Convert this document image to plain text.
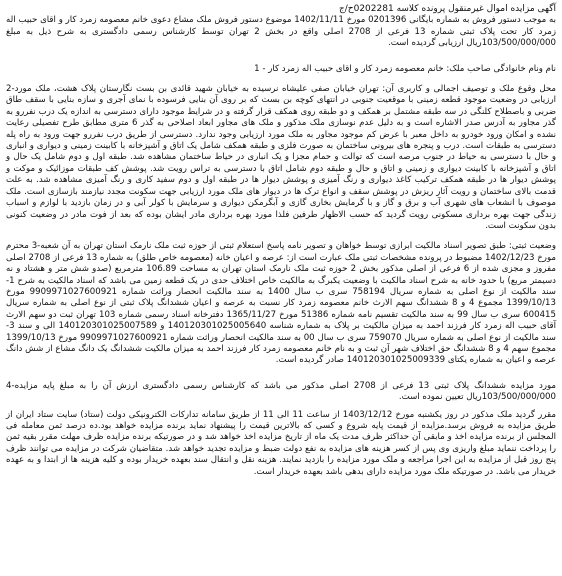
آگهی مزایده اموال غیرمنقول پرونده کلاسه 0202281ح/ج

به موجب دستور فروش به شماره بایگانی 0201396 مورخ 1402/11/11 موضوع دستور فروش ملک مشاع دعوی خانم معصومه زمرد کار و اقای حبیب اله زمرد کار تحت پلاک ثبتی شماره 13 فرعی از 2708 اصلی واقع در بخش 2 تهران توسط کارشناس رسمی دادگستری به شرح ذیل به مبلغ 103/500/000/000ریال ارزیابی گردیده است.

نام ونام خانوادگی صاحب ملک: خانم معصومه زمرد کار و اقای حبیب اله زمرد کار - 1

محل وقوع ملک و توصیف اجمالی و کاربری آن: تهران خیابان صفی علیشاه نرسیده به خیابان شهید قائدی بن بست نگارستان پلاک هشت، ملک مورد-2 ارزیابی در وضعیت موجود قطعه زمینی با موقعیت جنوبی در انتهای کوچه بن بست که بر روی آن بنایی فرسوده با نمای آجری و سازه بنایی با سقف طاق ضربی و باصطلاح کلنگی در سه طبقه مشتمل بر همکف و دو طبقه روی همکف قرار گرفته و در شرایط موجود دارای دسترسی به اندازه یک درب نفررو به گذر مجاور به آدرس صدر الاشاره است و به دلیل عدم نوسازی ملک مذکور و ملک های مجاور ابعاد اصلاحی به گذر 6 متری مطابق طرح تفصیلی رعایت نشده و امکان ورود خودرو به داخل معبر با عرض کم موجود مجاور به ملک مورد ارزیابی وجود ندارد. دسترسی از طریق درب نفررو جهت ورود به راه پله دسترسی به طبقات است. درب و پنجره های بیرونی ساختمان به صورت فلزی و طبقه همکف شامل یک اتاق و آشپزخانه با کابینت زمینی و دیواری و انباری و حال با دسترسی به حیاط در جنوب مرصه است که توالت و حمام مجزا و یک انباری در حیاط ساختمان مشاهده شد. طبقه اول و دوم شامل یک حال و اتاق و آشپزخانه با کابینت دیواری و زمینی و اتاق و حال و طبقه دوم شامل اتاق با دسترسی به تراس رویت شد. پوشش کف طبقات موزائیک و موکت و پوشش دیوار ها در طبقه همکف ترکیب کاغذ دیواری و رنگ آمیزی و پوشش دیوار ها در طبقه اول و دوم سفید کاری و رنگ آمیزی مشاهده شد. به علت قدمت بالای ساختمان و رویت آثار ریزش در پوشش سقف و انواع ترک ها در دیوار های ملک مورد ارزیابی جهت سکونت مجدد نیازمند بازسازی است. ملک موصوف با انشعاب های شهری آب و برق و گاز و با گرمایش بخاری گازی و آبگرمکن دیواری و سرمایش با کولر آبی و در زمان بازدید با لوازم و اسباب زندگی جهت بهره برداری مسکونی رویت گردید که حسب الاظهار طرفین فلذا مورد بهره برداری مادر ایشان بوده که بعد از فوت مادر در وضعیت کنونی بدون سکونت است.

وضعیت ثبتی: طبق تصویر اسناد مالکیت ابرازی توسط خواهان و تصویر نامه پاسخ استعلام ثبتی از حوزه ثبت ملک نارمک استان تهران به آن شعبه-3 محترم مورخ 1402/12/23 مضبوط در پرونده مشخصات ثبتی ملک عبارت است از: عرصه و اعیان خانه (معصومه خاص طلق) به شماره 13 فرعی از 2708 اصلی مفروز و مجزی شده از 6 فرعی از اصلی مذکور بخش 2 حوزه ثبت ملک نارمک استان تهران به مساحت 106.89 مترمربع (صدو شش متر و هشتاد و نه دسیمتر مربع) با حدود خانه به شرح اسناد مالکیت با وضعیت یکبرگ به مالکیت خاص اختلاف حدی در یک قطعه زمین می باشد که اسناد مالکیت به شرح 1-سند مالکیت از نوع اصلی به شماره سریال 758194 سری ب سال 1400 به سند مالکیت انحصار وراثت شماره 9909971027600921 مورخ 1399/10/13 مجموع 4 و 8 ششدانگ سهم الارث خانم معصومه زمرد کار نسبت به عرصه و اعیان ششدانگ پلاک ثبتی از نوع اصلی به شماره سریال 600415 سری ب سال 99 به سند مالکیت تقسیم نامه شماره 51386 مورخ 1365/11/27 دفترخانه اسناد رسمی شماره 103 تهران ثبت دو سهم الارث آقای حبیب اله زمرد کار فرزند احمد به میزان مالکیت بر پلاک به شماره شناسه 140120301025005640 و 140120301025007589 الی و سند 3-سند مالکیت از نوع اصلی به شماره سریال 759070 سری ب سال 00 به سند مالکیت انحصار وراثت شماره 9909971027600921 مورخ 1399/10/13 مجموع سهم 4 و 8 ششدانگ حق اختلاف شهر آن ثبت و به نام خانم معصومه زمرد کار فرزند احمد به میزان مالکیت ششدانگ یک دانگ مشاع از شش دانگ عرصه و اعیان به شماره یکتای 140120301025009339 صادر گردیده است.

مورد مزایده ششدانگ پلاک ثبتی 13 فرعی از 2708 اصلی مذکور می باشد که کارشناس رسمی دادگستری ارزش آن را به مبلغ پایه مزایده-4 103/500/000/000ریال تعیین نموده است.

مقرر گردید ملک مذکور در روز یکشنبه مورخ 1403/12/12 از ساعت 11 الی 11 از طریق سامانه تدارکات الکترونیکی دولت (ستاد) سایت ستاد ایران از طریق مزایده به فروش برسد.مزایده از قیمت پایه شروع و کسی که بالاترین قیمت را پیشنهاد نماید برنده مزایده خواهد بود.ده درصد ثمن معامله فی المجلس از برنده مزایده اخذ و مابقی آن حداکثر ظرف مدت یک ماه از تاریخ مزایده اخذ خواهد شد و در صورتیکه برنده مزایده ظرف مهلت مقرر بقیه ثمن را پرداخت ننماید مبلغ واریزی وی پس از کسر هزینه های مزایده به نفع دولت ضبط و مزایده تجدید خواهد شد. متقاضیان شرکت در مزایده می توانند ظرف پنج روز قبل از مزایده به این اجرا مراجعه و ملک مورد مزایده را بازدید نمایند. هزینه نقل و انتقال سند بعهده خریدار بوده و کلیه هزینه ها از ابتدا و به عهده خریدار می باشد. در صورتیکه ملک مورد مزایده دارای بدهی باشد بعهده خریدار است.
